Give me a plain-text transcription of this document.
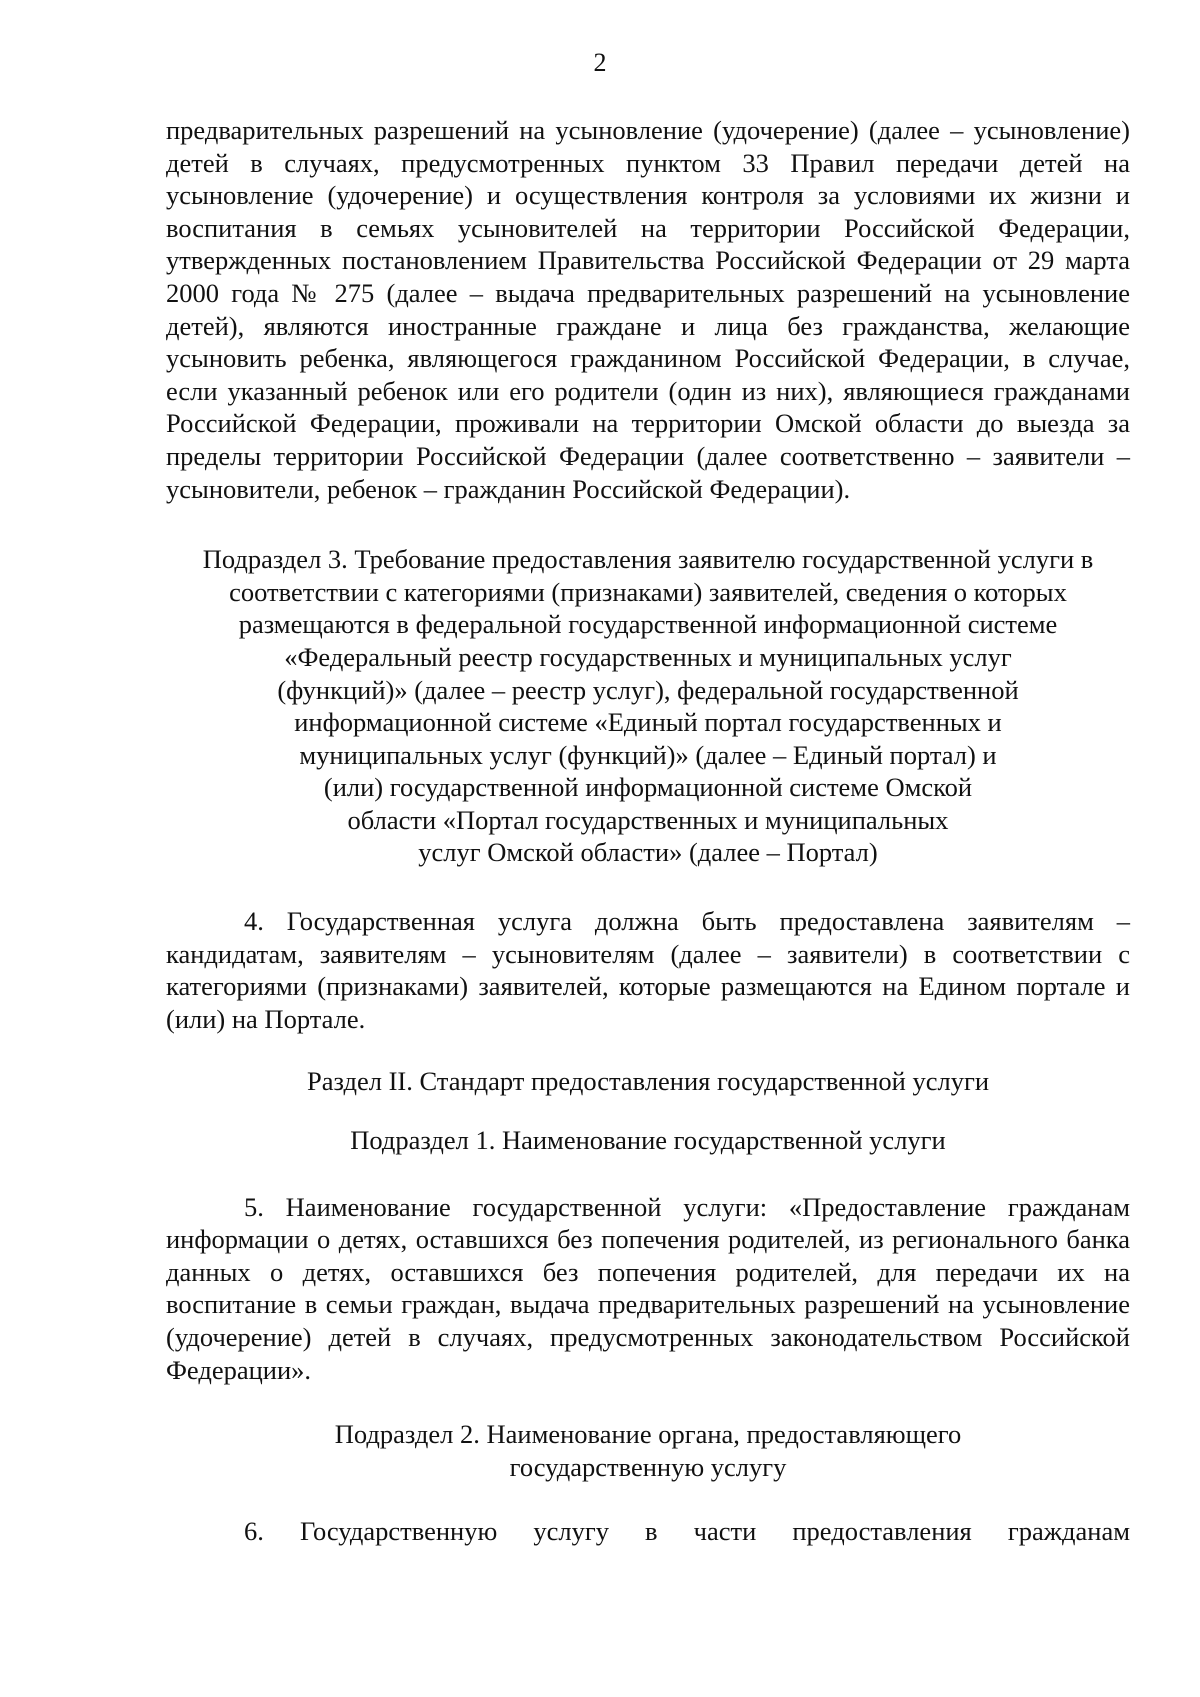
2

предварительных разрешений на усыновление (удочерение) (далее – усыновление) детей в случаях, предусмотренных пунктом 33 Правил передачи детей на усыновление (удочерение) и осуществления контроля за условиями их жизни и воспитания в семьях усыновителей на территории Российской Федерации, утвержденных постановлением Правительства Российской Федерации от 29 марта 2000 года № 275 (далее – выдача предварительных разрешений на усыновление детей), являются иностранные граждане и лица без гражданства, желающие усыновить ребенка, являющегося гражданином Российской Федерации, в случае, если указанный ребенок или его родители (один из них), являющиеся гражданами Российской Федерации, проживали на территории Омской области до выезда за пределы территории Российской Федерации (далее соответственно – заявители – усыновители, ребенок – гражданин Российской Федерации).

Подраздел 3. Требование предоставления заявителю государственной услуги в
соответствии с категориями (признаками) заявителей, сведения о которых
размещаются в федеральной государственной информационной системе
«Федеральный реестр государственных и муниципальных услуг
(функций)» (далее – реестр услуг), федеральной государственной
информационной системе «Единый портал государственных и
муниципальных услуг (функций)» (далее – Единый портал) и
(или) государственной информационной системе Омской
области «Портал государственных и муниципальных
услуг Омской области» (далее – Портал)

4. Государственная услуга должна быть предоставлена заявителям – кандидатам, заявителям – усыновителям (далее – заявители) в соответствии с категориями (признаками) заявителей, которые размещаются на Едином портале и (или) на Портале.

Раздел II. Стандарт предоставления государственной услуги

Подраздел 1. Наименование государственной услуги

5. Наименование государственной услуги: «Предоставление гражданам информации о детях, оставшихся без попечения родителей, из регионального банка данных о детях, оставшихся без попечения родителей, для передачи их на воспитание в семьи граждан, выдача предварительных разрешений на усыновление (удочерение) детей в случаях, предусмотренных законодательством Российской Федерации».

Подраздел 2. Наименование органа, предоставляющего
государственную услугу

6. Государственную услугу в части предоставления гражданам
